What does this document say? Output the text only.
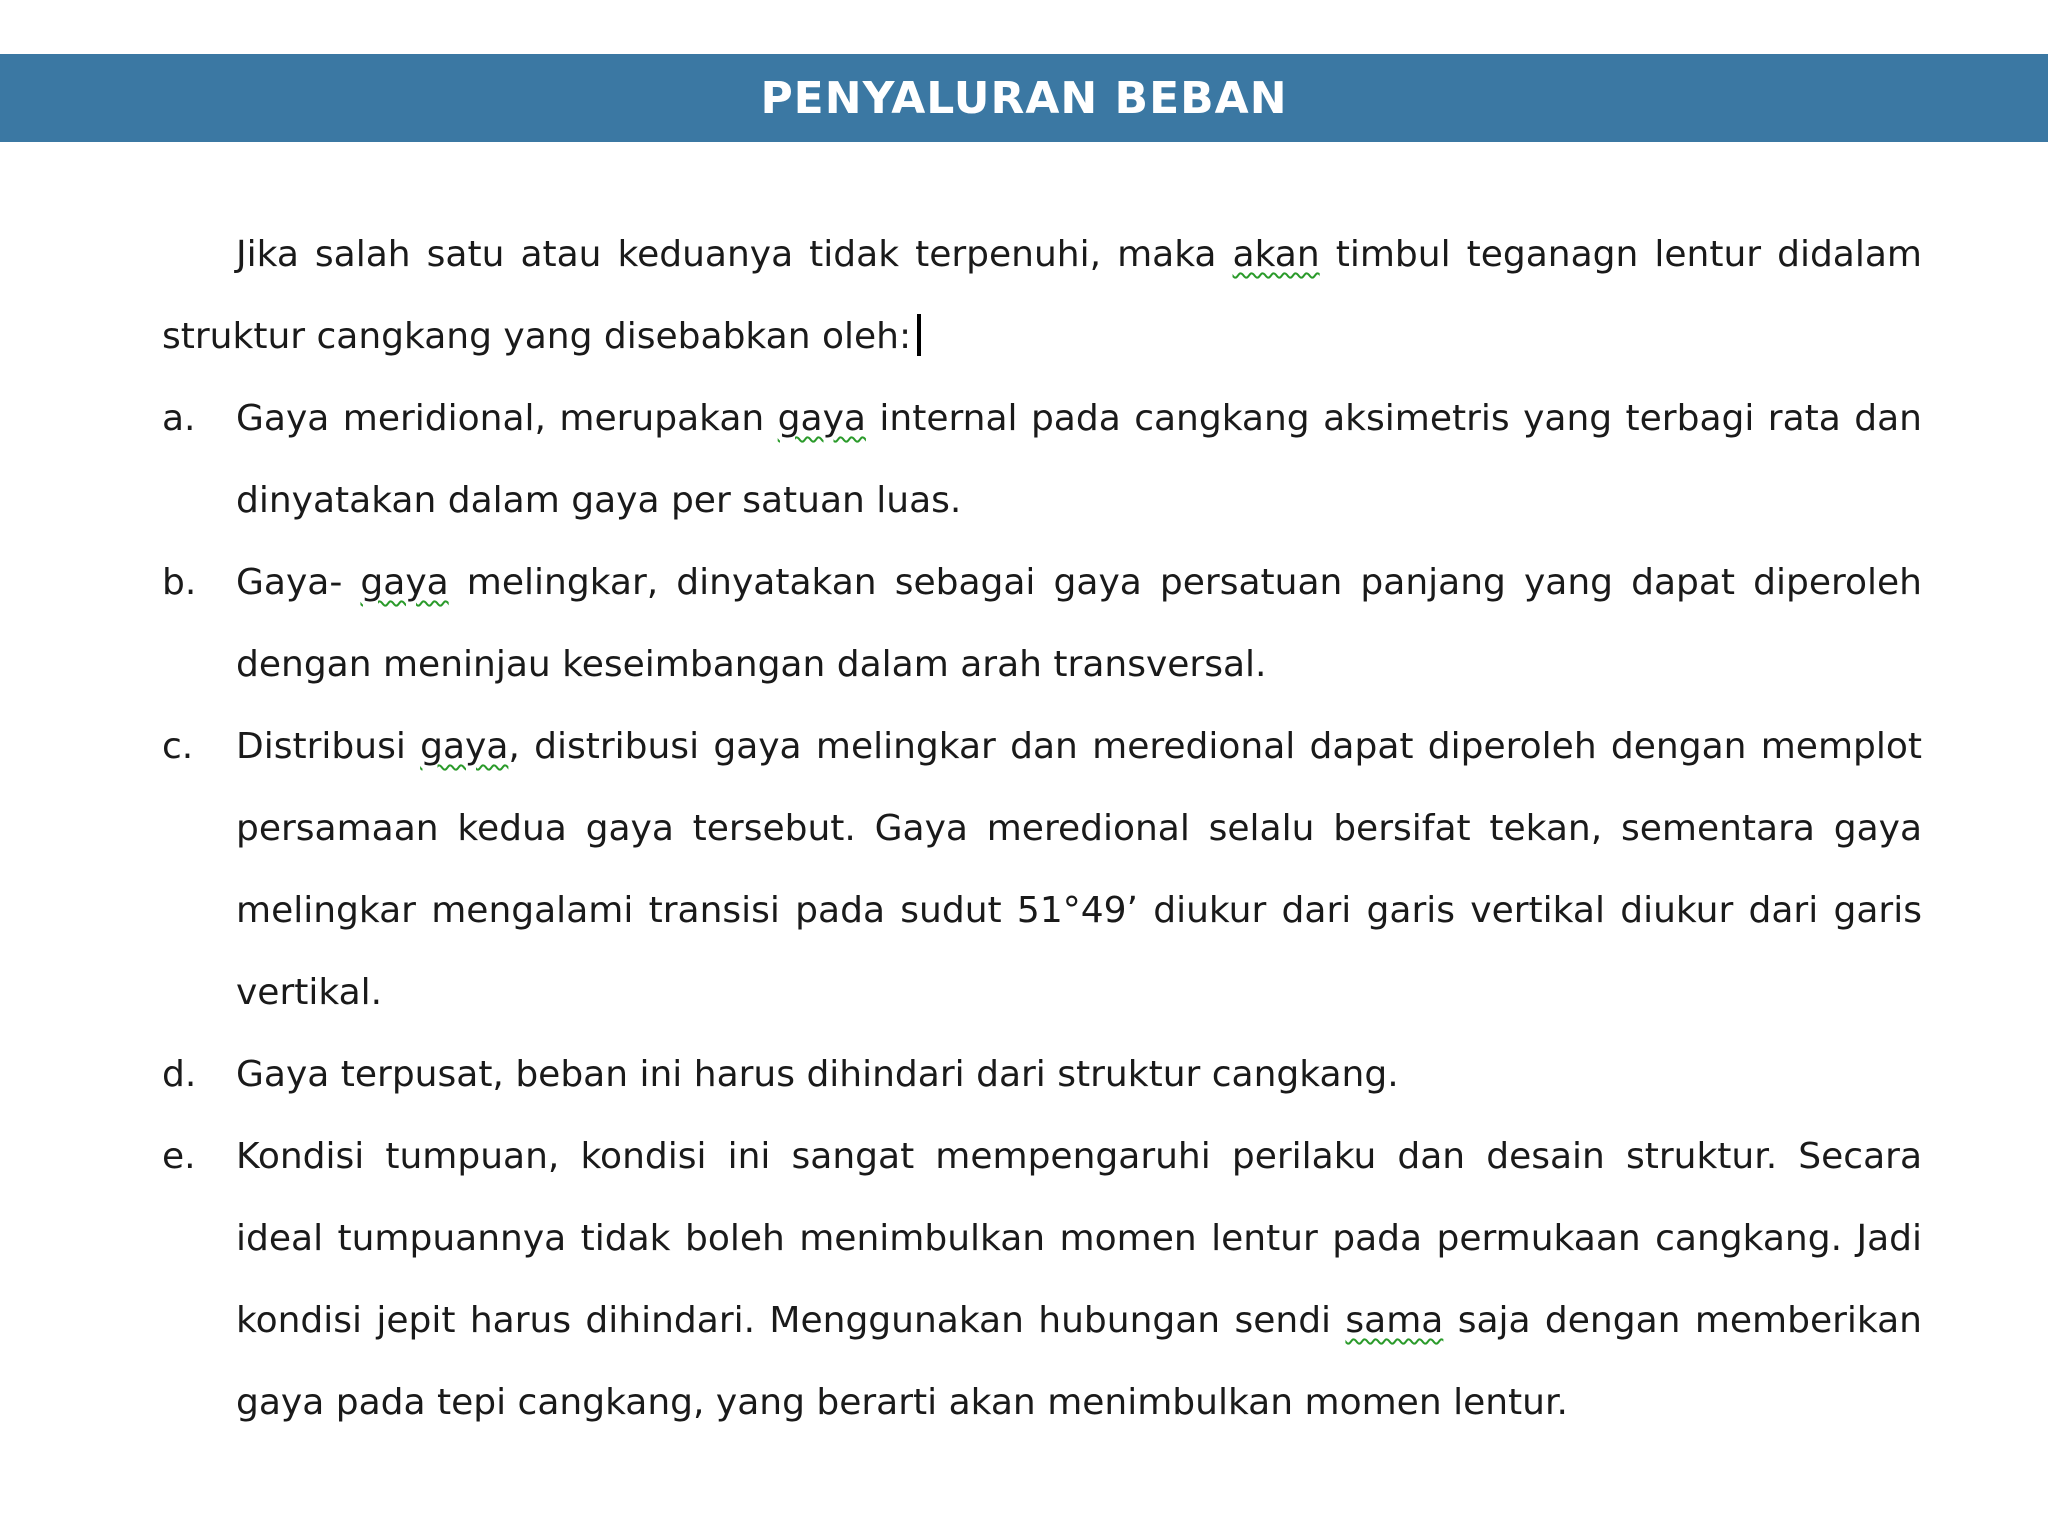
PENYALURAN BEBAN

Jika salah satu atau keduanya tidak terpenuhi, maka akan timbul teganagn lentur didalam struktur cangkang yang disebabkan oleh:

a.	Gaya meridional, merupakan gaya internal pada cangkang aksimetris yang terbagi rata dan dinyatakan dalam gaya per satuan luas.

b.	Gaya- gaya melingkar, dinyatakan sebagai gaya persatuan panjang yang dapat diperoleh dengan meninjau keseimbangan dalam arah transversal.

c.	Distribusi gaya, distribusi gaya melingkar dan meredional dapat diperoleh dengan memplot persamaan kedua gaya tersebut. Gaya meredional selalu bersifat tekan, sementara gaya melingkar mengalami transisi pada sudut 51°49’ diukur dari garis vertikal diukur dari garis vertikal.

d.	Gaya terpusat, beban ini harus dihindari dari struktur cangkang.

e.	Kondisi tumpuan, kondisi ini sangat mempengaruhi perilaku dan desain struktur. Secara ideal tumpuannya tidak boleh menimbulkan momen lentur pada permukaan cangkang. Jadi kondisi jepit harus dihindari. Menggunakan hubungan sendi sama saja dengan memberikan gaya pada tepi cangkang, yang berarti akan menimbulkan momen lentur.
